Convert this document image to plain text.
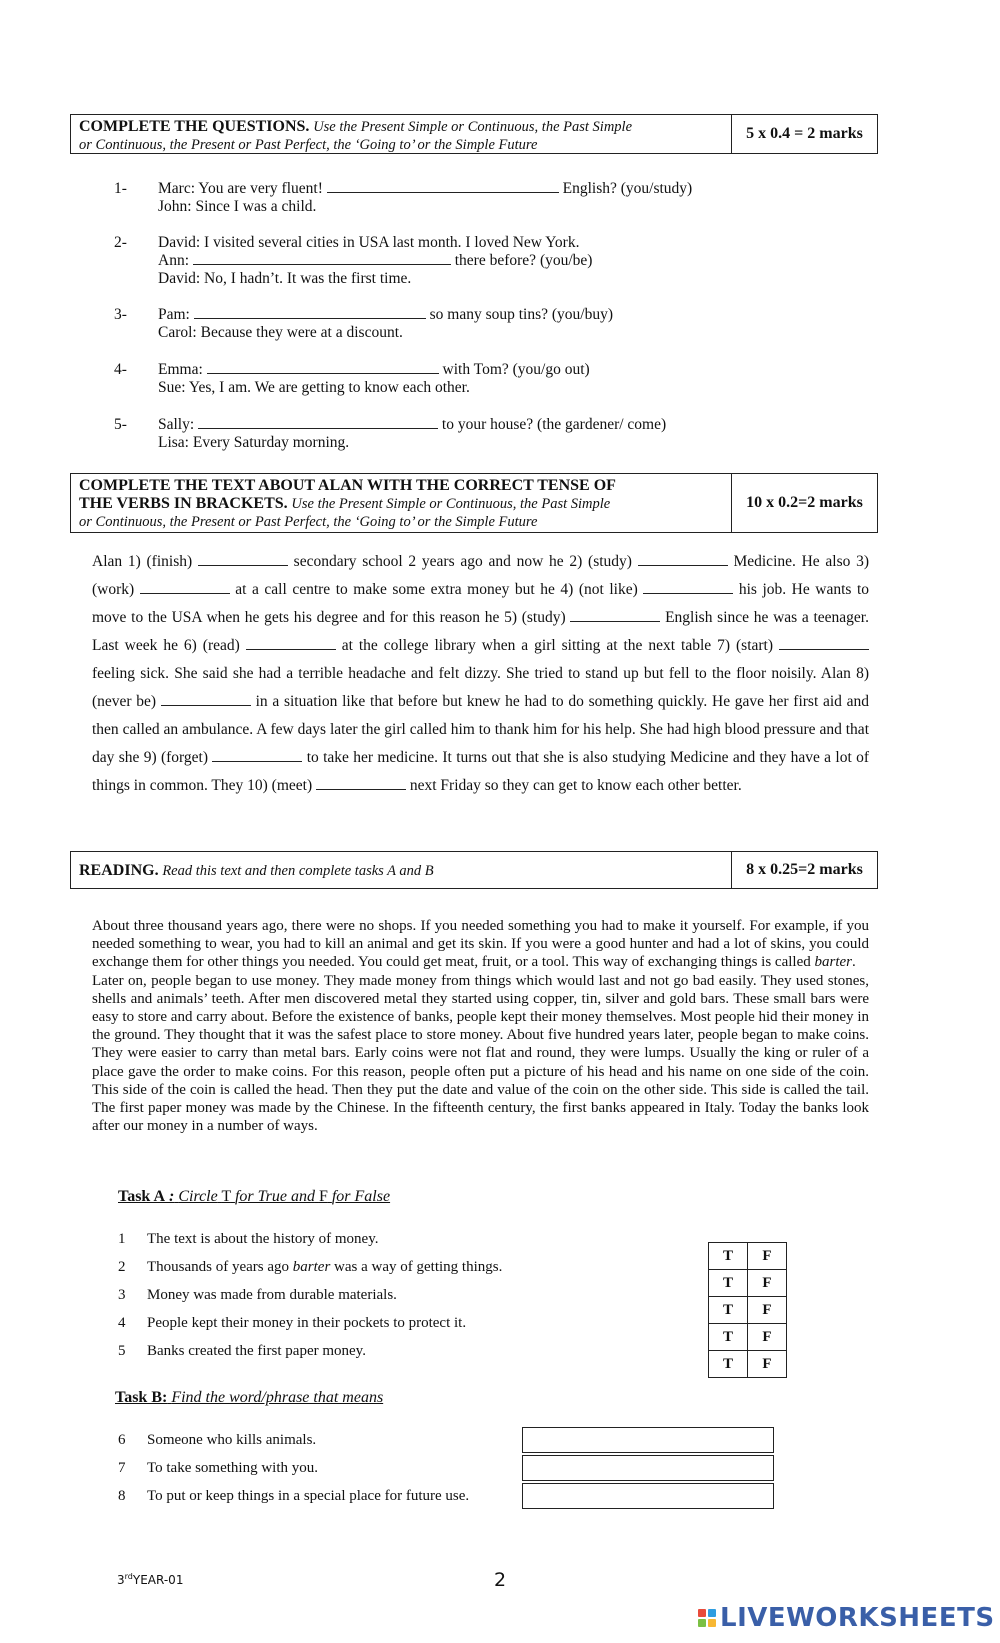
COMPLETE THE QUESTIONS. Use the Present Simple or Continuous, the Past Simple
or Continuous, the Present or Past Perfect, the ‘Going to’ or the Simple Future
5 x 0.4 = 2 marks
1-	Marc: You are very fluent!	English? (you/study)
John: Since I was a child.
2-	David: I visited several cities in USA last month. I loved New York.
Ann:	there before? (you/be)
David: No, I hadn’t. It was the first time.
3-	Pam:	so many soup tins? (you/buy)
Carol: Because they were at a discount.
4-	Emma:	with Tom? (you/go out)
Sue: Yes, I am. We are getting to know each other.
5-	Sally:	to your house? (the gardener/ come)
Lisa: Every Saturday morning.
COMPLETE THE TEXT ABOUT ALAN WITH THE CORRECT TENSE OF
THE VERBS IN BRACKETS. Use the Present Simple or Continuous, the Past Simple
or Continuous, the Present or Past Perfect, the ‘Going to’ or the Simple Future
10 x 0.2=2 marks
Alan 1) (finish)	secondary school 2 years ago and now he 2) (study)	Medicine. He also 3) (work)	at a call centre to make some extra money but he 4) (not like)	his job. He wants to move to the USA when he gets his degree and for this reason he 5) (study)	English since he was a teenager. Last week he 6) (read)	at the college library when a girl sitting at the next table 7) (start)  feeling sick. She said she had a terrible headache and felt dizzy. She tried to stand up but fell to the floor noisily. Alan 8) (never be)	in a situation like that before but knew he had to do something quickly. He gave her first aid and then called an ambulance. A few days later the girl called him to thank him for his help. She had high blood pressure and that day she 9) (forget)	to take her medicine. It turns out that she is also studying Medicine and they have a lot of things in common. They 10) (meet)	next Friday so they can get to know each other better.
READING. Read this text and then complete tasks A and B	8 x 0.25=2 marks
About three thousand years ago, there were no shops. If you needed something you had to make it yourself. For example, if you needed something to wear, you had to kill an animal and get its skin. If you were a good hunter and had a lot of skins, you could exchange them for other things you needed. You could get meat, fruit, or a tool. This way of exchanging things is called barter.
Later on, people began to use money. They made money from things which would last and not go bad easily. They used stones, shells and animals’ teeth. After men discovered metal they started using copper, tin, silver and gold bars. These small bars were easy to store and carry about. Before the existence of banks, people kept their money themselves. Most people hid their money in the ground. They thought that it was the safest place to store money. About five hundred years later, people began to make coins. They were easier to carry than metal bars. Early coins were not flat and round, they were lumps. Usually the king or ruler of a place gave the order to make coins. For this reason, people often put a picture of his head and his name on one side of the coin. This side of the coin is called the head. Then they put the date and value of the coin on the other side. This side is called the tail. The first paper money was made by the Chinese. In the fifteenth century, the first banks appeared in Italy. Today the banks look after our money in a number of ways.
Task A : Circle T for True and F for False
1 The text is about the history of money.
2 Thousands of years ago barter was a way of getting things.
3 Money was made from durable materials.
4 People kept their money in their pockets to protect it.
5 Banks created the first paper money.
T	F
T	F
T	F
T	F
T	F
Task B: Find the word/phrase that means
6 Someone who kills animals.
7 To take something with you.
8 To put or keep things in a special place for future use.
3rdYEAR-01	2
LIVEWORKSHEETS
